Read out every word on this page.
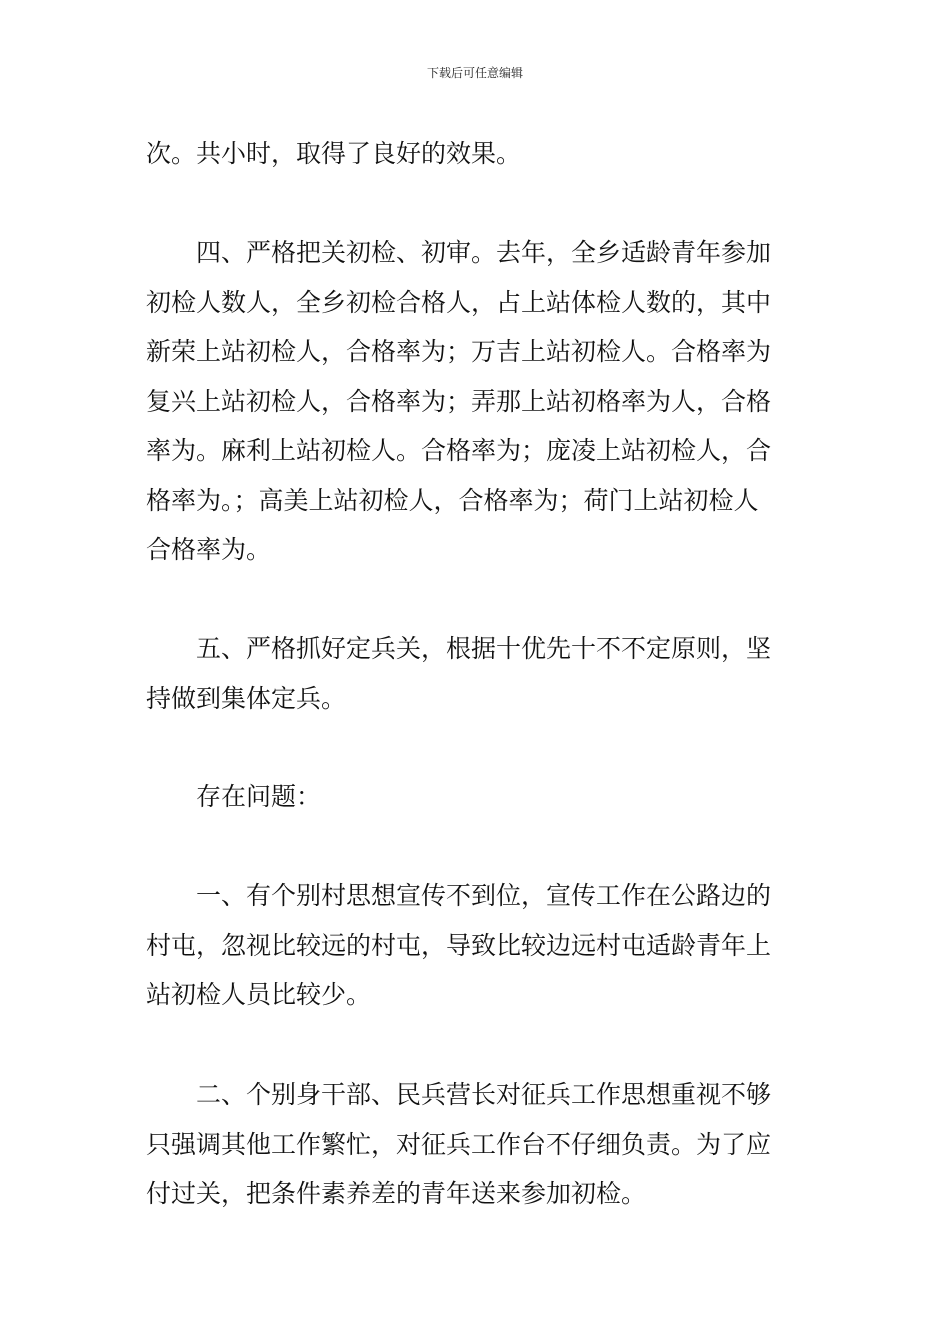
下载后可任意编辑
次。共小时，取得了良好的效果。
四、严格把关初检、初审。去年，全乡适龄青年参加
初检人数人，全乡初检合格人，占上站体检人数的，其中
新荣上站初检人，合格率为；万吉上站初检人。合格率为
复兴上站初检人，合格率为；弄那上站初格率为人，合格
率为。麻利上站初检人。合格率为；庞凌上站初检人，合
格率为。；高美上站初检人，合格率为；荷门上站初检人
合格率为。
五、严格抓好定兵关，根据十优先十不不定原则，坚
持做到集体定兵。
存在问题：
一、有个别村思想宣传不到位，宣传工作在公路边的
村屯，忽视比较远的村屯，导致比较边远村屯适龄青年上
站初检人员比较少。
二、个别身干部、民兵营长对征兵工作思想重视不够
只强调其他工作繁忙，对征兵工作台不仔细负责。为了应
付过关，把条件素养差的青年送来参加初检。
